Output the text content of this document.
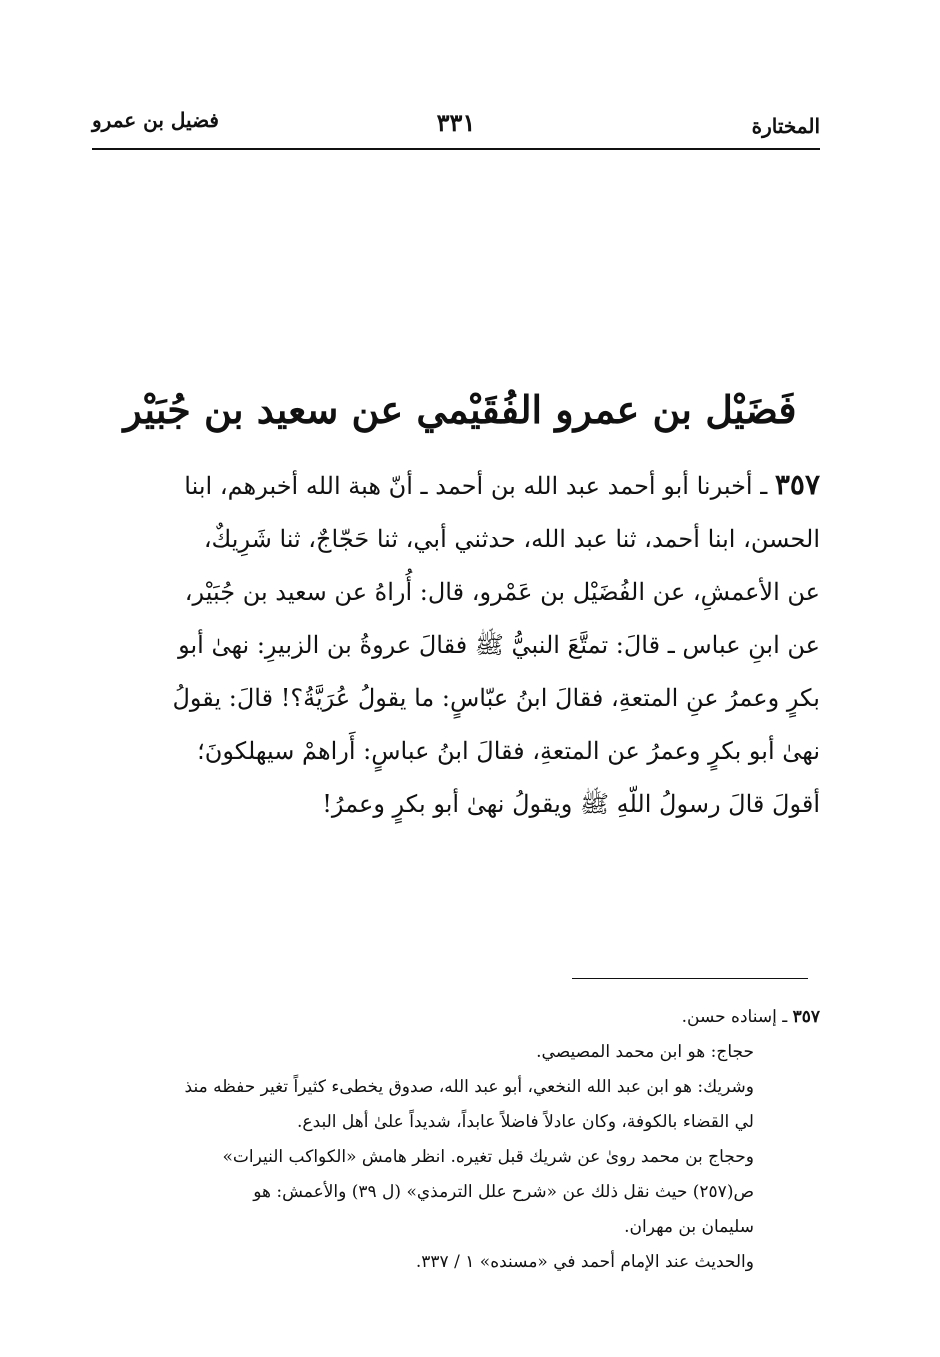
المختارة
٣٣١
فضيل بن عمرو
فَضَيْل بن عمرو الفُقَيْمي عن سعيد بن جُبَيْر
٣٥٧ ـ أخبرنا أبو أحمد عبد الله بن أحمد ـ أنّ هبة الله أخبرهم، ابنا
الحسن، ابنا أحمد، ثنا عبد الله، حدثني أبي، ثنا حَجّاجٌ، ثنا شَرِيكٌ،
عن الأعمشِ، عن الفُضَيْل بن عَمْرو، قال: أُراهُ عن سعيد بن جُبَيْر،
عن ابنِ عباس ـ قالَ: تمتَّعَ النبيُّ ﷺ فقالَ عروةُ بن الزبيرِ: نهىٰ أبو
بكرٍ وعمرُ عنِ المتعةِ، فقالَ ابنُ عبّاسٍ: ما يقولُ عُرَيَّةُ؟! قالَ: يقولُ
نهىٰ أبو بكرٍ وعمرُ عن المتعةِ، فقالَ ابنُ عباسٍ: أَراهمْ سيهلكونَ؛
أقولَ قالَ رسولُ اللّهِ ﷺ ويقولُ نهىٰ أبو بكرٍ وعمرُ!
٣٥٧ ـ إسناده حسن.
حجاج: هو ابن محمد المصيصي.
وشريك: هو ابن عبد الله النخعي، أبو عبد الله، صدوق يخطىء كثيراً تغير حفظه منذ
لي القضاء بالكوفة، وكان عادلاً فاضلاً عابداً، شديداً علىٰ أهل البدع.
وحجاج بن محمد روىٰ عن شريك قبل تغيره. انظر هامش «الكواكب النيرات»
ص(٢٥٧) حيث نقل ذلك عن «شرح علل الترمذي» (ل ٣٩) والأعمش: هو
سليمان بن مهران.
والحديث عند الإمام أحمد في «مسنده» ١ / ٣٣٧.
